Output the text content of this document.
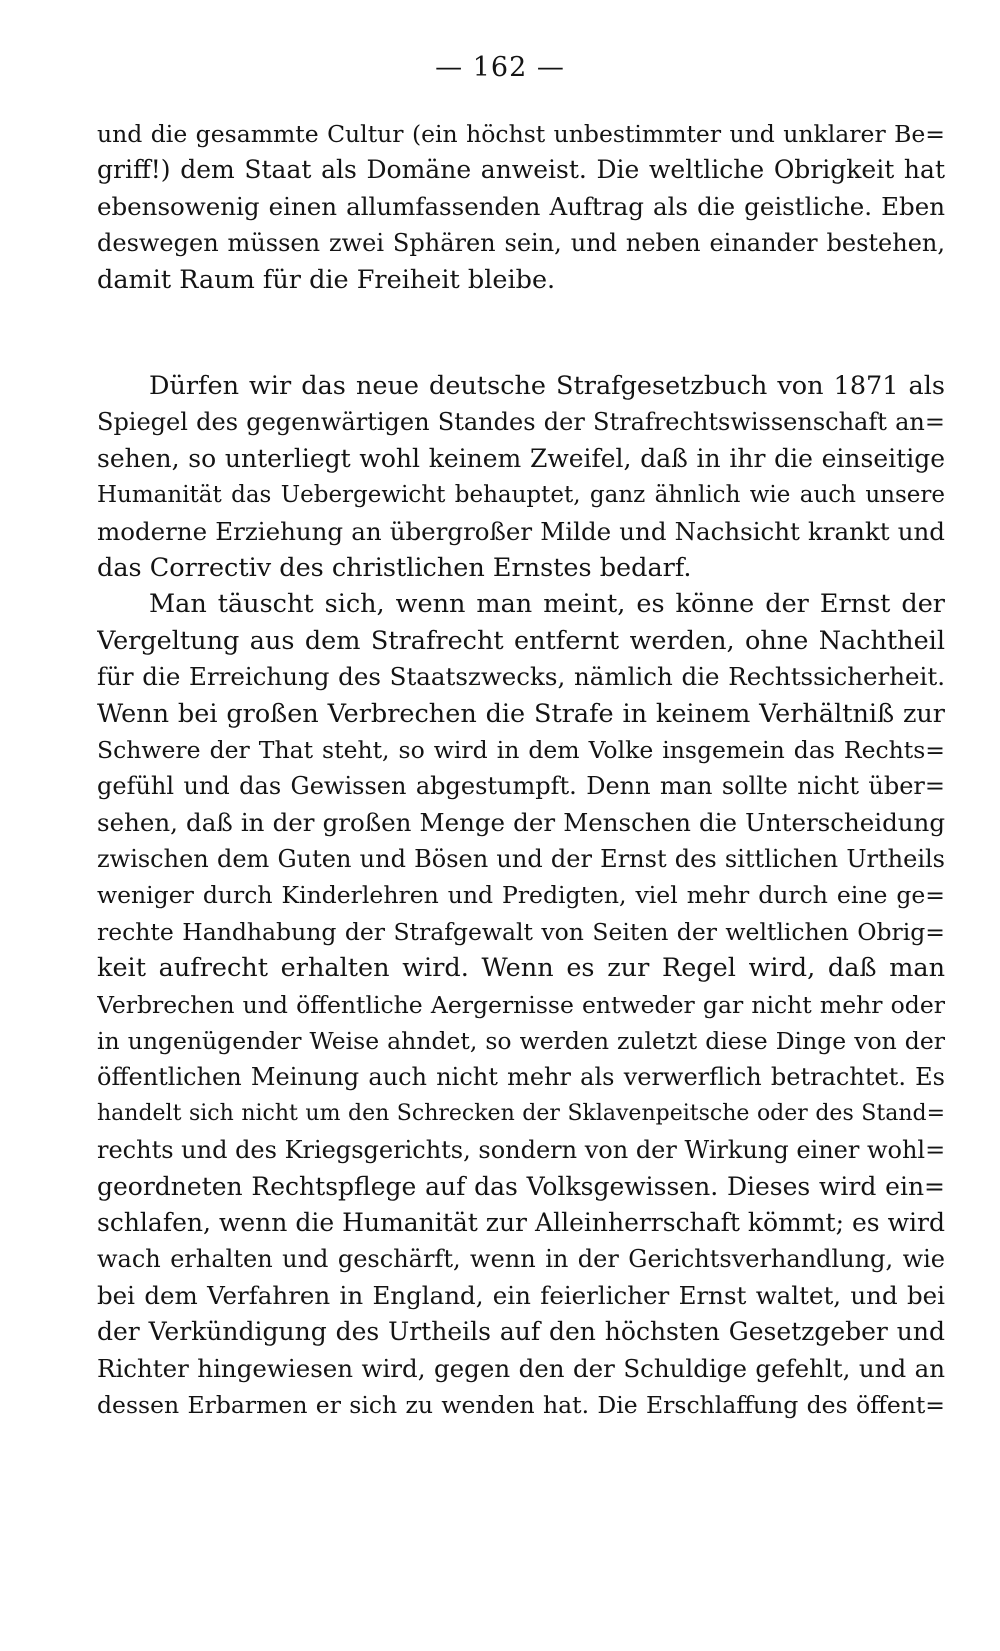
— 162 —
und die gesammte Cultur (ein höchst unbestimmter und unklarer Be=
griff!) dem Staat als Domäne anweist. Die weltliche Obrigkeit hat
ebensowenig einen allumfassenden Auftrag als die geistliche. Eben
deswegen müssen zwei Sphären sein, und neben einander bestehen,
damit Raum für die Freiheit bleibe.
Dürfen wir das neue deutsche Strafgesetzbuch von 1871 als
Spiegel des gegenwärtigen Standes der Strafrechtswissenschaft an=
sehen, so unterliegt wohl keinem Zweifel, daß in ihr die einseitige
Humanität das Uebergewicht behauptet, ganz ähnlich wie auch unsere
moderne Erziehung an übergroßer Milde und Nachsicht krankt und
das Correctiv des christlichen Ernstes bedarf.
Man täuscht sich, wenn man meint, es könne der Ernst der
Vergeltung aus dem Strafrecht entfernt werden, ohne Nachtheil
für die Erreichung des Staatszwecks, nämlich die Rechtssicherheit.
Wenn bei großen Verbrechen die Strafe in keinem Verhältniß zur
Schwere der That steht, so wird in dem Volke insgemein das Rechts=
gefühl und das Gewissen abgestumpft. Denn man sollte nicht über=
sehen, daß in der großen Menge der Menschen die Unterscheidung
zwischen dem Guten und Bösen und der Ernst des sittlichen Urtheils
weniger durch Kinderlehren und Predigten, viel mehr durch eine ge=
rechte Handhabung der Strafgewalt von Seiten der weltlichen Obrig=
keit aufrecht erhalten wird. Wenn es zur Regel wird, daß man
Verbrechen und öffentliche Aergernisse entweder gar nicht mehr oder
in ungenügender Weise ahndet, so werden zuletzt diese Dinge von der
öffentlichen Meinung auch nicht mehr als verwerflich betrachtet. Es
handelt sich nicht um den Schrecken der Sklavenpeitsche oder des Stand=
rechts und des Kriegsgerichts, sondern von der Wirkung einer wohl=
geordneten Rechtspflege auf das Volksgewissen. Dieses wird ein=
schlafen, wenn die Humanität zur Alleinherrschaft kömmt; es wird
wach erhalten und geschärft, wenn in der Gerichtsverhandlung, wie
bei dem Verfahren in England, ein feierlicher Ernst waltet, und bei
der Verkündigung des Urtheils auf den höchsten Gesetzgeber und
Richter hingewiesen wird, gegen den der Schuldige gefehlt, und an
dessen Erbarmen er sich zu wenden hat. Die Erschlaffung des öffent=
